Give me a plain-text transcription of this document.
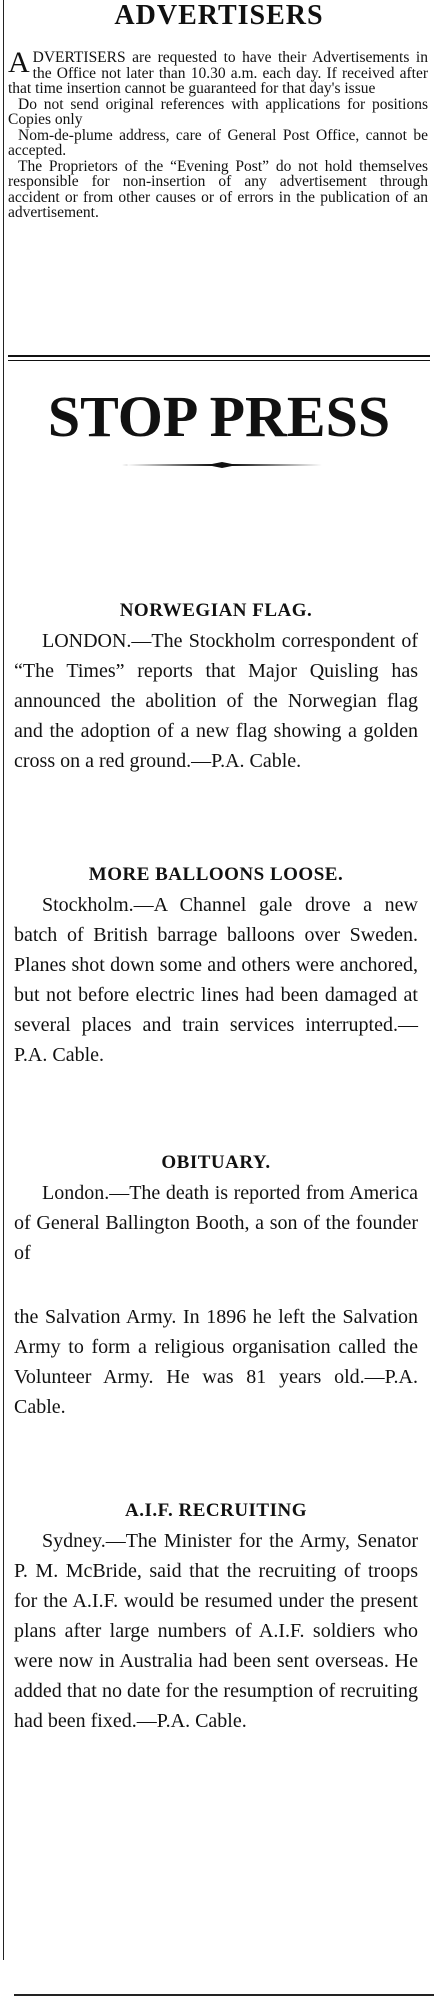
ADVERTISERS

ADVERTISERS are requested to have their Advertisements in the Office not later than 10.30 a.m. each day. If received after that time insertion cannot be guaranteed for that day's issue

Do not send original references with applications for positions Copies only

Nom-de-plume address, care of General Post Office, cannot be accepted.

The Proprietors of the “Evening Post” do not hold themselves responsible for non-insertion of any advertisement through accident or from other causes or of errors in the publication of an advertisement.

STOP PRESS
NORWEGIAN FLAG.

LONDON.—The Stockholm correspondent of “The Times” reports that Major Quisling has announced the abolition of the Norwegian flag and the adoption of a new flag showing a golden cross on a red ground.—P.A. Cable.

MORE BALLOONS LOOSE.

Stockholm.—A Channel gale drove a new batch of British barrage balloons over Sweden. Planes shot down some and others were anchored, but not before electric lines had been damaged at several places and train services interrupted.—P.A. Cable.

OBITUARY.

London.—The death is reported from America of General Ballington Booth, a son of the founder of

the Salvation Army. In 1896 he left the Salvation Army to form a religious organisation called the Volunteer Army. He was 81 years old.—P.A. Cable.

A.I.F. RECRUITING

Sydney.—The Minister for the Army, Senator P. M. McBride, said that the recruiting of troops for the A.I.F. would be resumed under the present plans after large numbers of A.I.F. soldiers who were now in Australia had been sent overseas. He added that no date for the resumption of recruiting had been fixed.—P.A. Cable.
